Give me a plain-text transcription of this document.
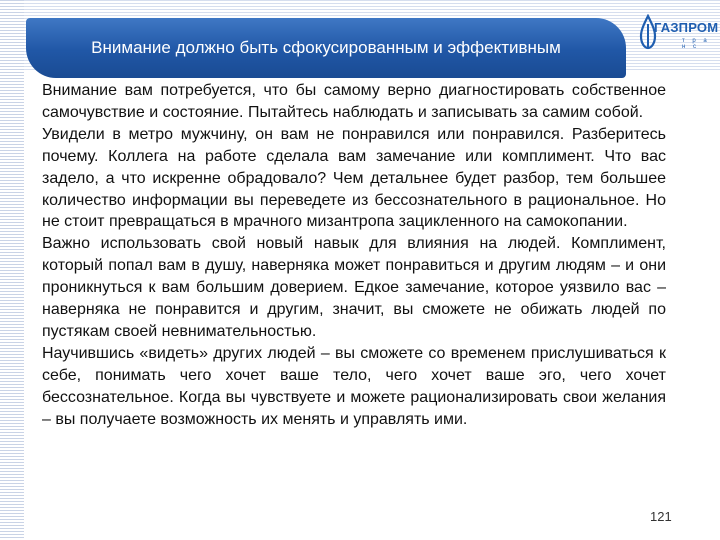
Внимание должно быть сфокусированным и эффективным
ГАЗПРОМ
т р а н с

Внимание вам потребуется, что бы самому верно диагностировать собственное самочувствие и состояние. Пытайтесь наблюдать и записывать за самим собой.

Увидели в метро мужчину, он вам не понравился или понравился. Разберитесь почему. Коллега на работе сделала вам замечание или комплимент. Что вас задело, а что искренне обрадовало? Чем детальнее будет разбор, тем большее количество информации вы переведете из бессознательного в рациональное. Но не стоит превращаться в мрачного мизантропа зацикленного на самокопании.

Важно использовать свой новый навык для влияния на людей. Комплимент, который попал вам в душу, наверняка может понравиться и другим людям – и они проникнуться к вам большим доверием. Едкое замечание, которое уязвило вас – наверняка не понравится и другим, значит, вы сможете не обижать людей по пустякам своей невнимательностью.

Научившись «видеть» других людей – вы сможете со временем прислушиваться к себе, понимать чего хочет ваше тело, чего хочет ваше эго, чего хочет бессознательное. Когда вы чувствуете и можете рационализировать свои желания – вы получаете возможность их менять и управлять ими.

121
